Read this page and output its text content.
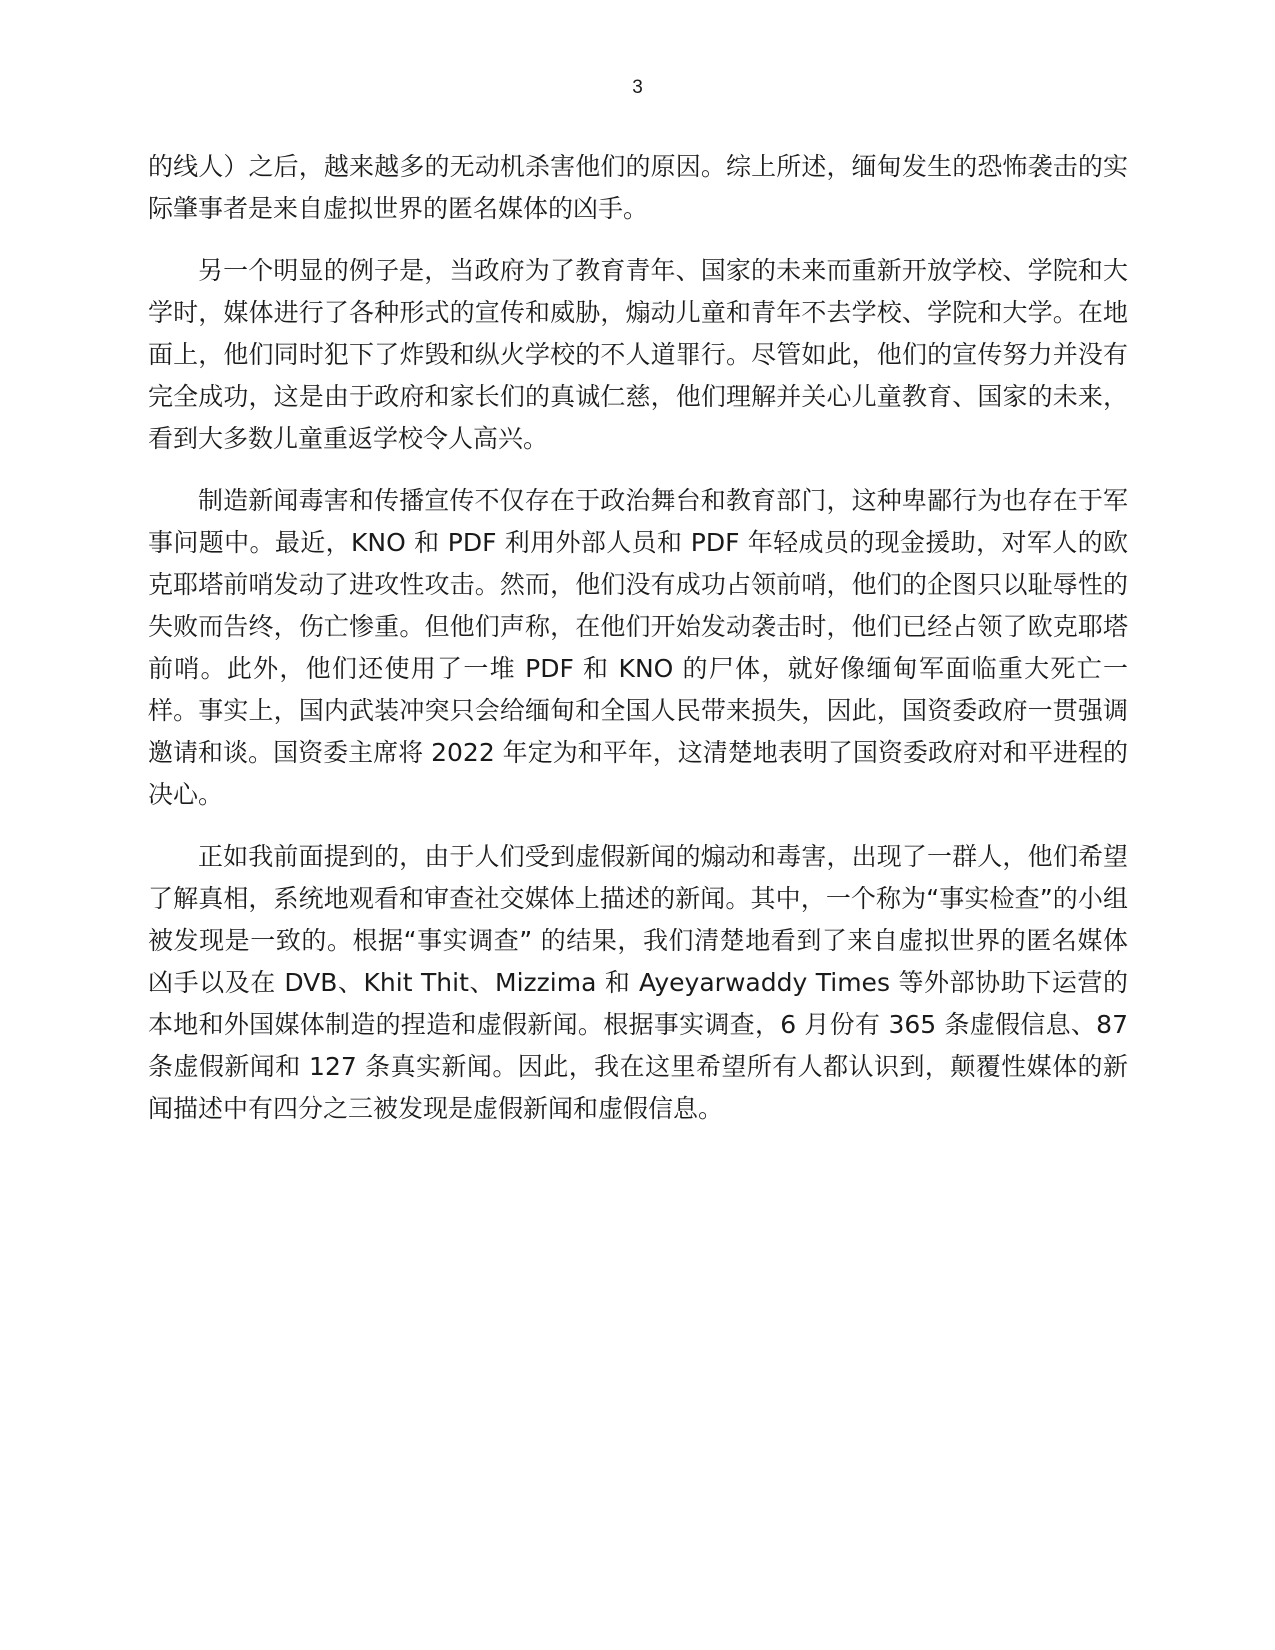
3

的线人）之后，越来越多的无动机杀害他们的原因。综上所述，缅甸发生的恐怖袭击的实际肇事者是来自虚拟世界的匿名媒体的凶手。

另一个明显的例子是，当政府为了教育青年、国家的未来而重新开放学校、学院和大学时，媒体进行了各种形式的宣传和威胁，煽动儿童和青年不去学校、学院和大学。在地面上，他们同时犯下了炸毁和纵火学校的不人道罪行。尽管如此，他们的宣传努力并没有完全成功，这是由于政府和家长们的真诚仁慈，他们理解并关心儿童教育、国家的未来，看到大多数儿童重返学校令人高兴。

制造新闻毒害和传播宣传不仅存在于政治舞台和教育部门，这种卑鄙行为也存在于军事问题中。最近，KNO 和 PDF 利用外部人员和 PDF 年轻成员的现金援助，对军人的欧克耶塔前哨发动了进攻性攻击。然而，他们没有成功占领前哨，他们的企图只以耻辱性的失败而告终，伤亡惨重。但他们声称，在他们开始发动袭击时，他们已经占领了欧克耶塔前哨。此外，他们还使用了一堆 PDF 和 KNO 的尸体，就好像缅甸军面临重大死亡一样。事实上，国内武装冲突只会给缅甸和全国人民带来损失，因此，国资委政府一贯强调邀请和谈。国资委主席将 2022 年定为和平年，这清楚地表明了国资委政府对和平进程的决心。

正如我前面提到的，由于人们受到虚假新闻的煽动和毒害，出现了一群人，他们希望了解真相，系统地观看和审查社交媒体上描述的新闻。其中，一个称为“事实检查”的小组被发现是一致的。根据“事实调查” 的结果，我们清楚地看到了来自虚拟世界的匿名媒体凶手以及在 DVB、Khit Thit、Mizzima 和 Ayeyarwaddy Times 等外部协助下运营的本地和外国媒体制造的捏造和虚假新闻。根据事实调查，6 月份有 365 条虚假信息、87 条虚假新闻和 127 条真实新闻。因此，我在这里希望所有人都认识到，颠覆性媒体的新闻描述中有四分之三被发现是虚假新闻和虚假信息。
